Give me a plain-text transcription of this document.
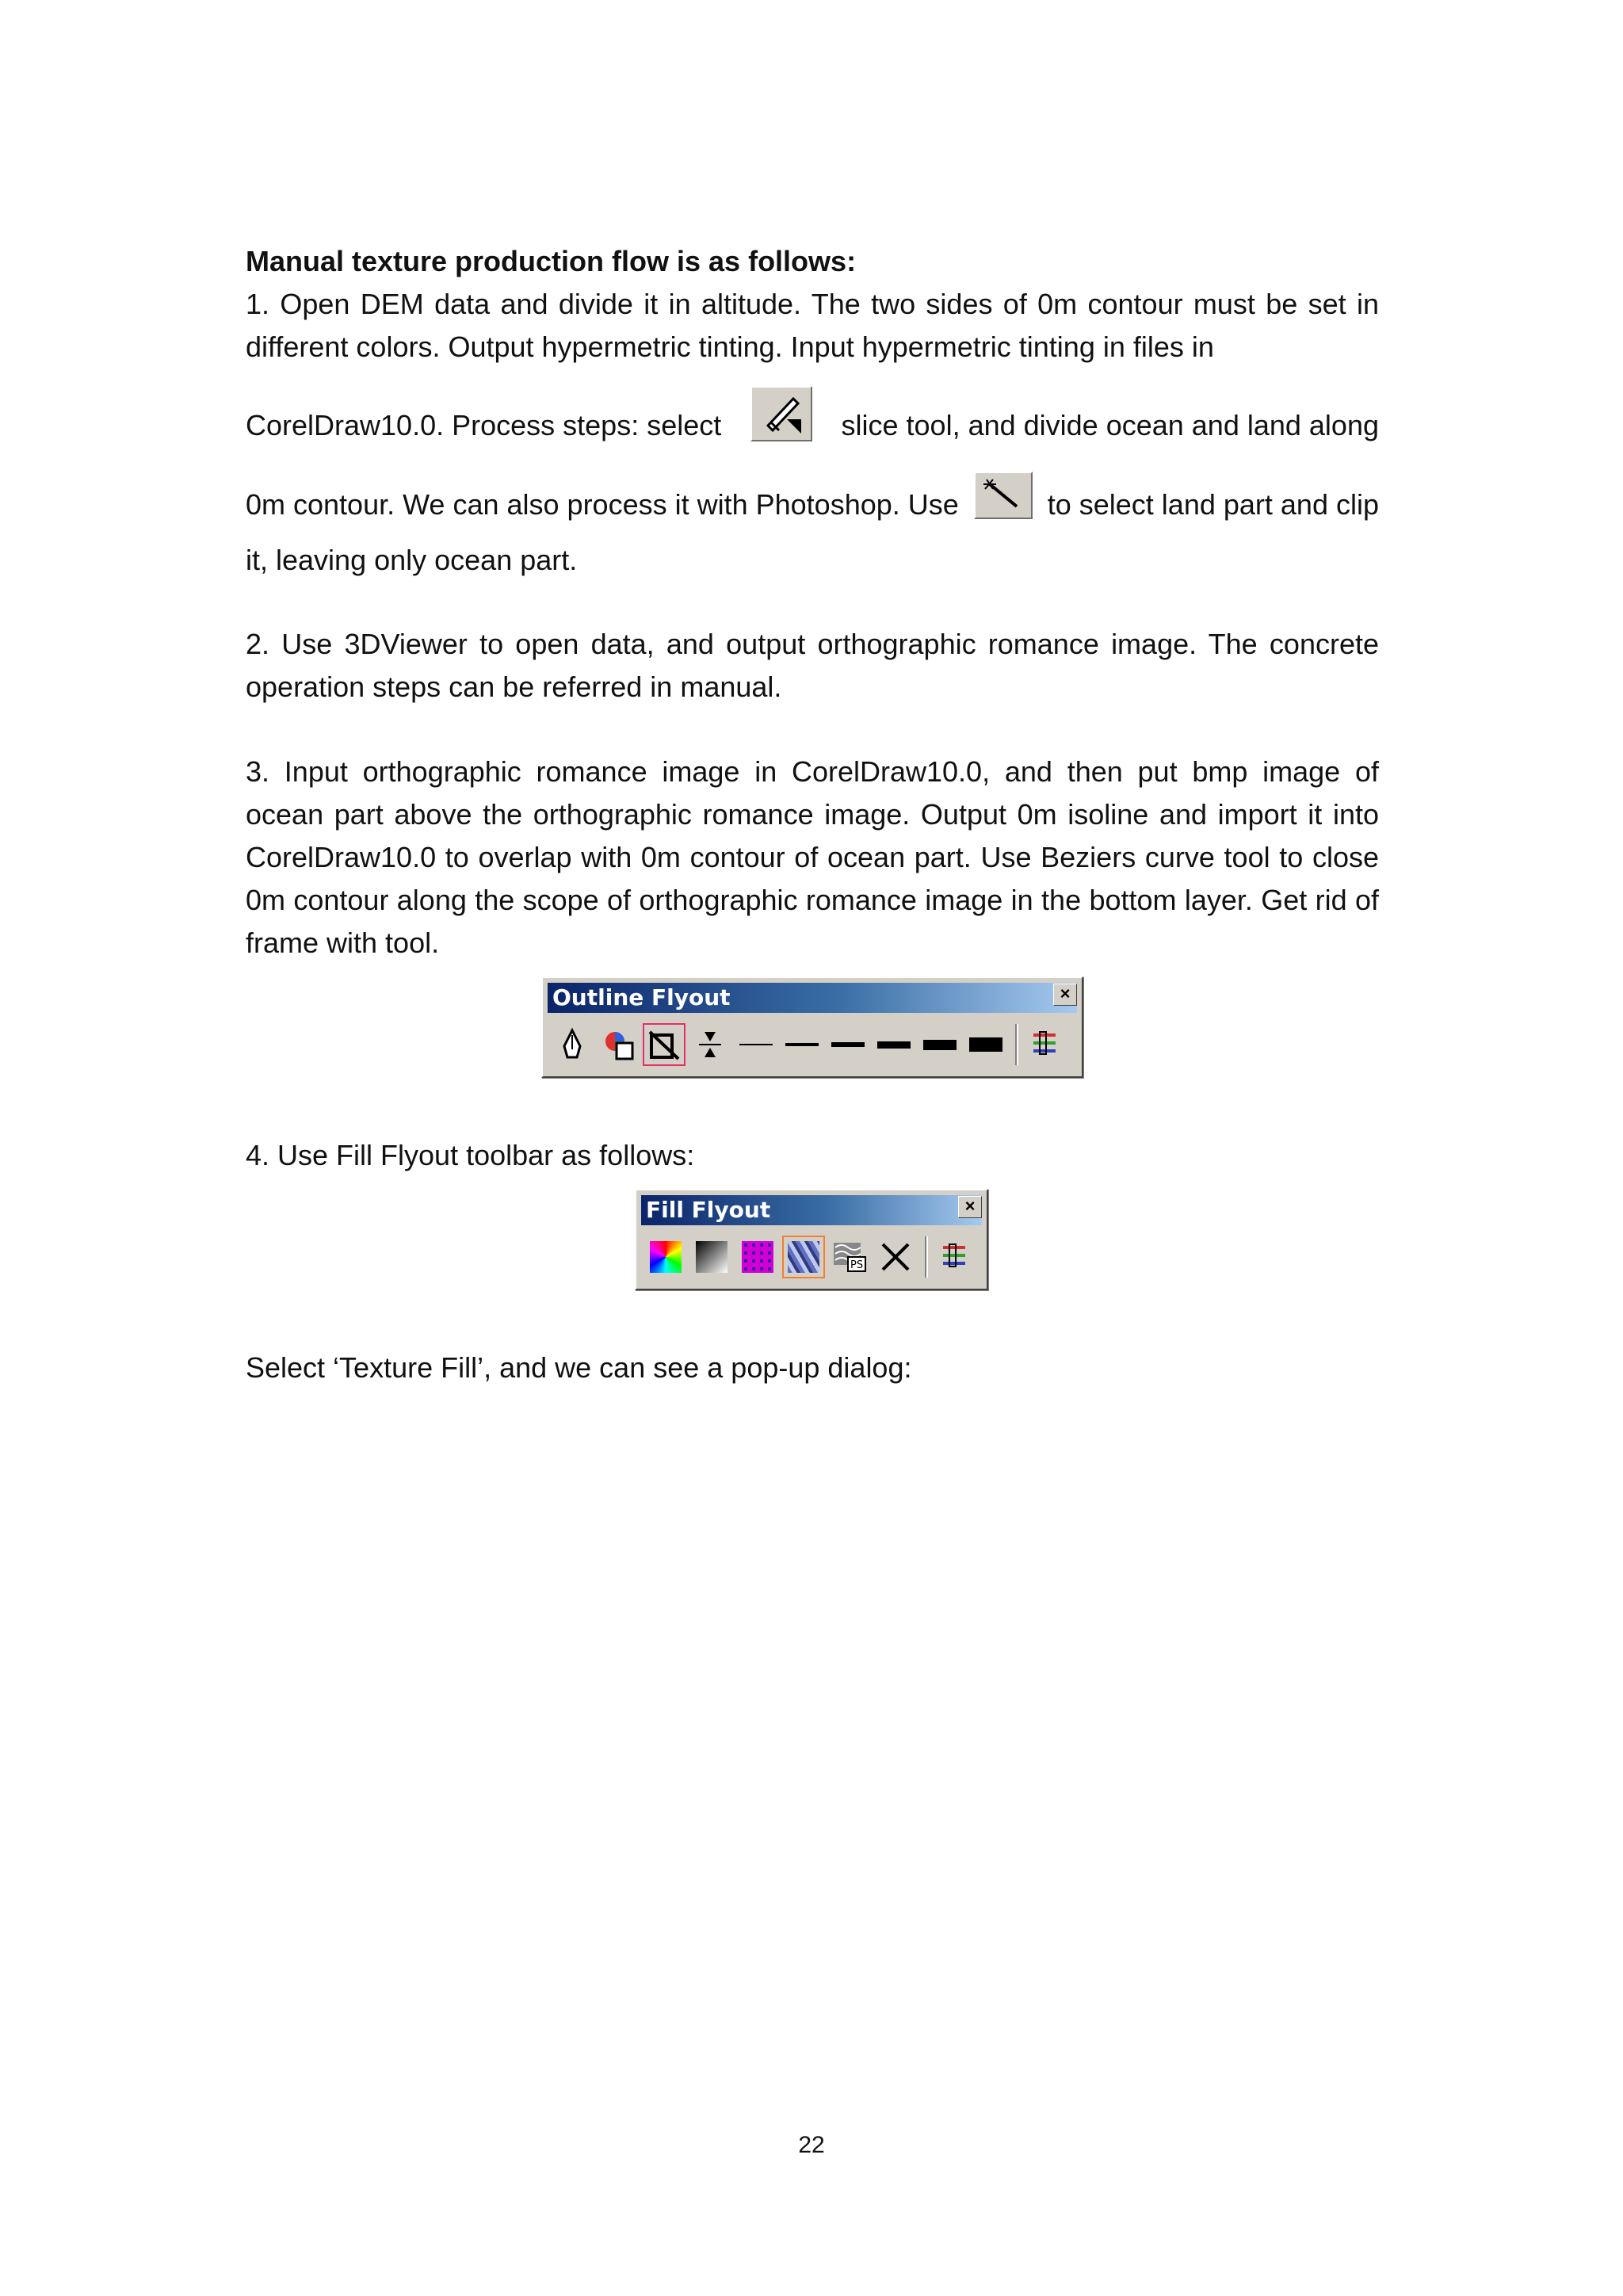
Manual texture production flow is as follows:
1. Open DEM data and divide it in altitude. The two sides of 0m contour must be set in different colors. Output hypermetric tinting. Input hypermetric tinting in files in
CorelDraw10.0. Process steps: select	slice tool, and divide ocean and land along
0m contour. We can also process it with Photoshop. Use	to select land part and clip
it, leaving only ocean part.
2. Use 3DViewer to open data, and output orthographic romance image. The concrete operation steps can be referred in manual.
3. Input orthographic romance image in CorelDraw10.0, and then put bmp image of ocean part above the orthographic romance image. Output 0m isoline and import it into CorelDraw10.0 to overlap with 0m contour of ocean part. Use Beziers curve tool to close 0m contour along the scope of orthographic romance image in the bottom layer. Get rid of frame with tool.
Outline Flyout	×
4. Use Fill Flyout toolbar as follows:
Fill Flyout	×
PS
Select ‘Texture Fill’, and we can see a pop-up dialog:
22
